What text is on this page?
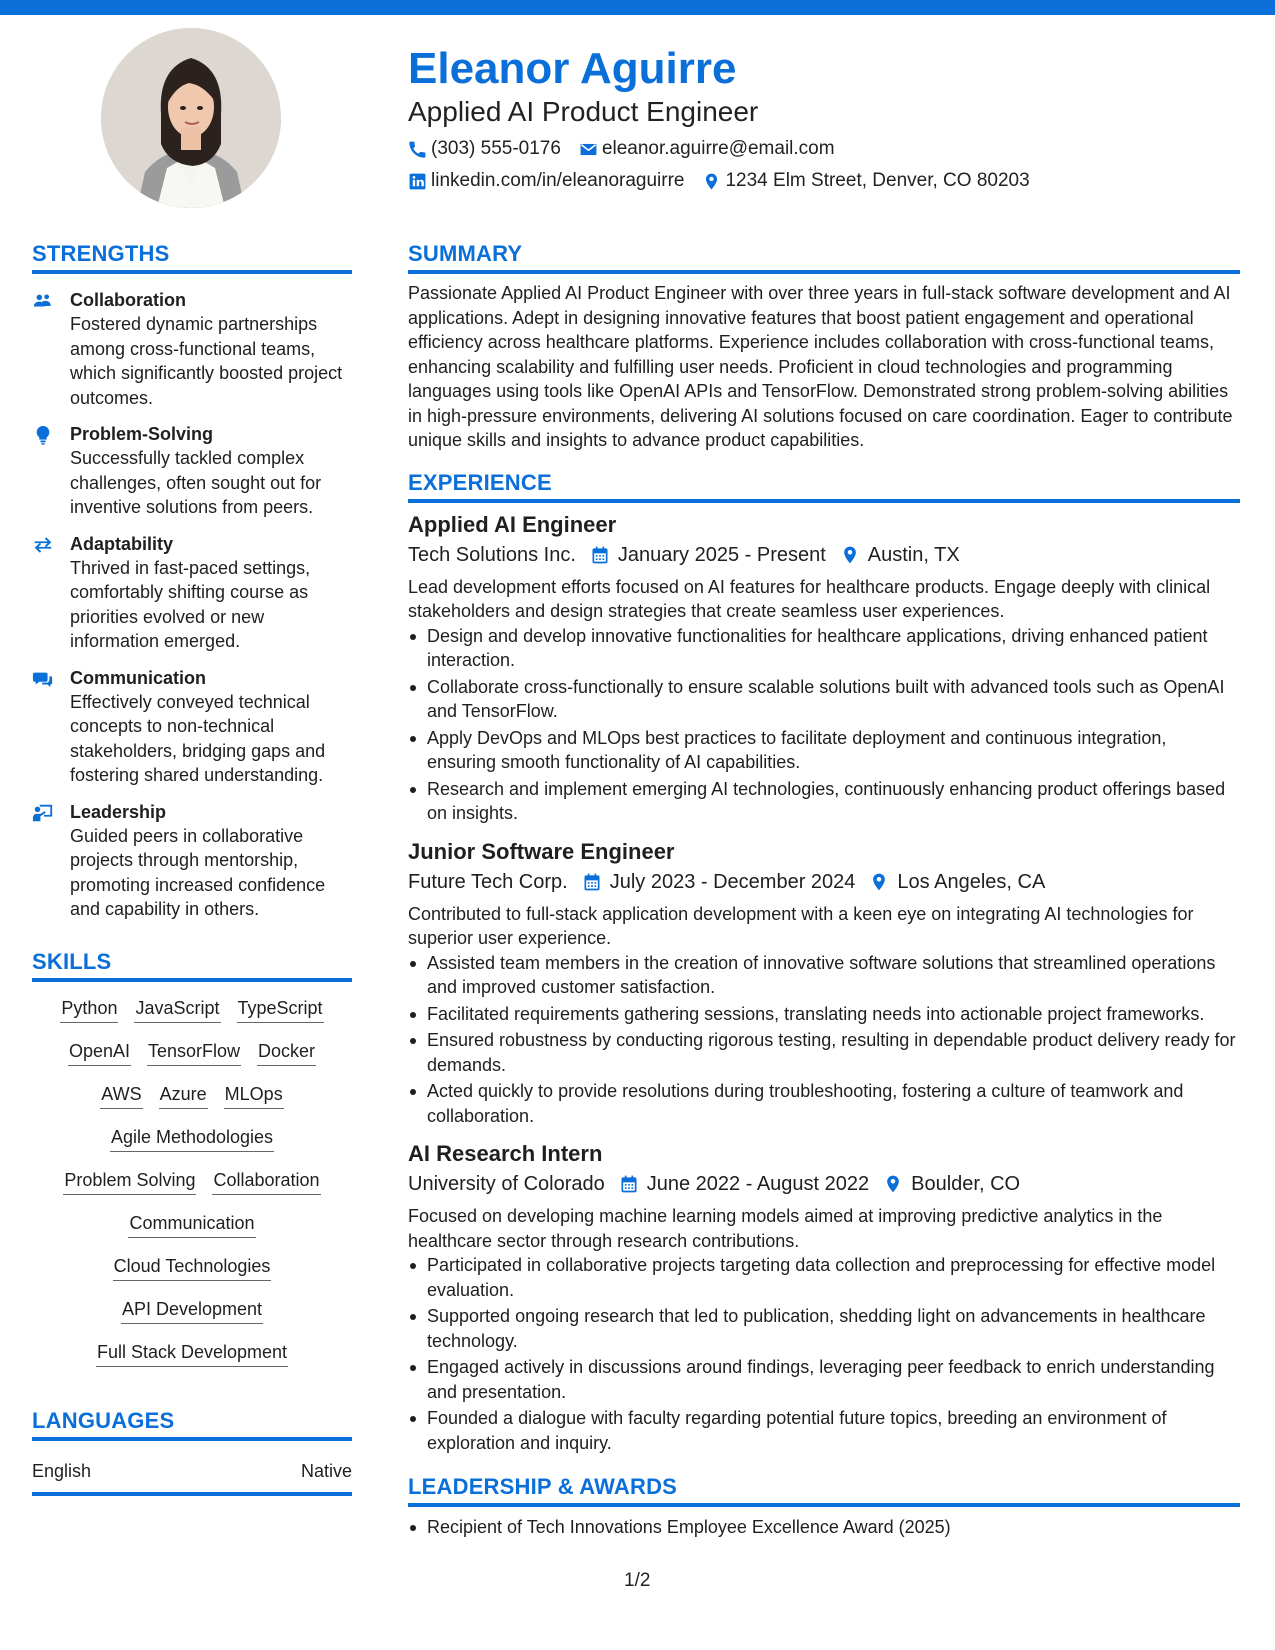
Eleanor Aguirre
Applied AI Product Engineer
(303) 555-0176 eleanor.aguirre@email.com
linkedin.com/in/eleanoraguirre 1234 Elm Street, Denver, CO 80203
STRENGTHS
Collaboration
Fostered dynamic partnerships among cross-functional teams, which significantly boosted project outcomes.
Problem-Solving
Successfully tackled complex challenges, often sought out for inventive solutions from peers.
Adaptability
Thrived in fast-paced settings, comfortably shifting course as priorities evolved or new information emerged.
Communication
Effectively conveyed technical concepts to non-technical stakeholders, bridging gaps and fostering shared understanding.
Leadership
Guided peers in collaborative projects through mentorship, promoting increased confidence and capability in others.
SKILLS
Python JavaScript TypeScript
OpenAI TensorFlow Docker
AWS Azure MLOps
Agile Methodologies
Problem Solving Collaboration
Communication
Cloud Technologies
API Development
Full Stack Development
LANGUAGES
English	Native
SUMMARY
Passionate Applied AI Product Engineer with over three years in full-stack software development and AI applications. Adept in designing innovative features that boost patient engagement and operational efficiency across healthcare platforms. Experience includes collaboration with cross-functional teams, enhancing scalability and fulfilling user needs. Proficient in cloud technologies and programming languages using tools like OpenAI APIs and TensorFlow. Demonstrated strong problem-solving abilities in high-pressure environments, delivering AI solutions focused on care coordination. Eager to contribute unique skills and insights to advance product capabilities.
EXPERIENCE
Applied AI Engineer
Tech Solutions Inc. January 2025 - Present Austin, TX
Lead development efforts focused on AI features for healthcare products. Engage deeply with clinical stakeholders and design strategies that create seamless user experiences.
Design and develop innovative functionalities for healthcare applications, driving enhanced patient interaction.
Collaborate cross-functionally to ensure scalable solutions built with advanced tools such as OpenAI and TensorFlow.
Apply DevOps and MLOps best practices to facilitate deployment and continuous integration, ensuring smooth functionality of AI capabilities.
Research and implement emerging AI technologies, continuously enhancing product offerings based on insights.
Junior Software Engineer
Future Tech Corp. July 2023 - December 2024 Los Angeles, CA
Contributed to full-stack application development with a keen eye on integrating AI technologies for superior user experience.
Assisted team members in the creation of innovative software solutions that streamlined operations and improved customer satisfaction.
Facilitated requirements gathering sessions, translating needs into actionable project frameworks.
Ensured robustness by conducting rigorous testing, resulting in dependable product delivery ready for demands.
Acted quickly to provide resolutions during troubleshooting, fostering a culture of teamwork and collaboration.
AI Research Intern
University of Colorado June 2022 - August 2022 Boulder, CO
Focused on developing machine learning models aimed at improving predictive analytics in the healthcare sector through research contributions.
Participated in collaborative projects targeting data collection and preprocessing for effective model evaluation.
Supported ongoing research that led to publication, shedding light on advancements in healthcare technology.
Engaged actively in discussions around findings, leveraging peer feedback to enrich understanding and presentation.
Founded a dialogue with faculty regarding potential future topics, breeding an environment of exploration and inquiry.
LEADERSHIP & AWARDS
Recipient of Tech Innovations Employee Excellence Award (2025)
1/2
